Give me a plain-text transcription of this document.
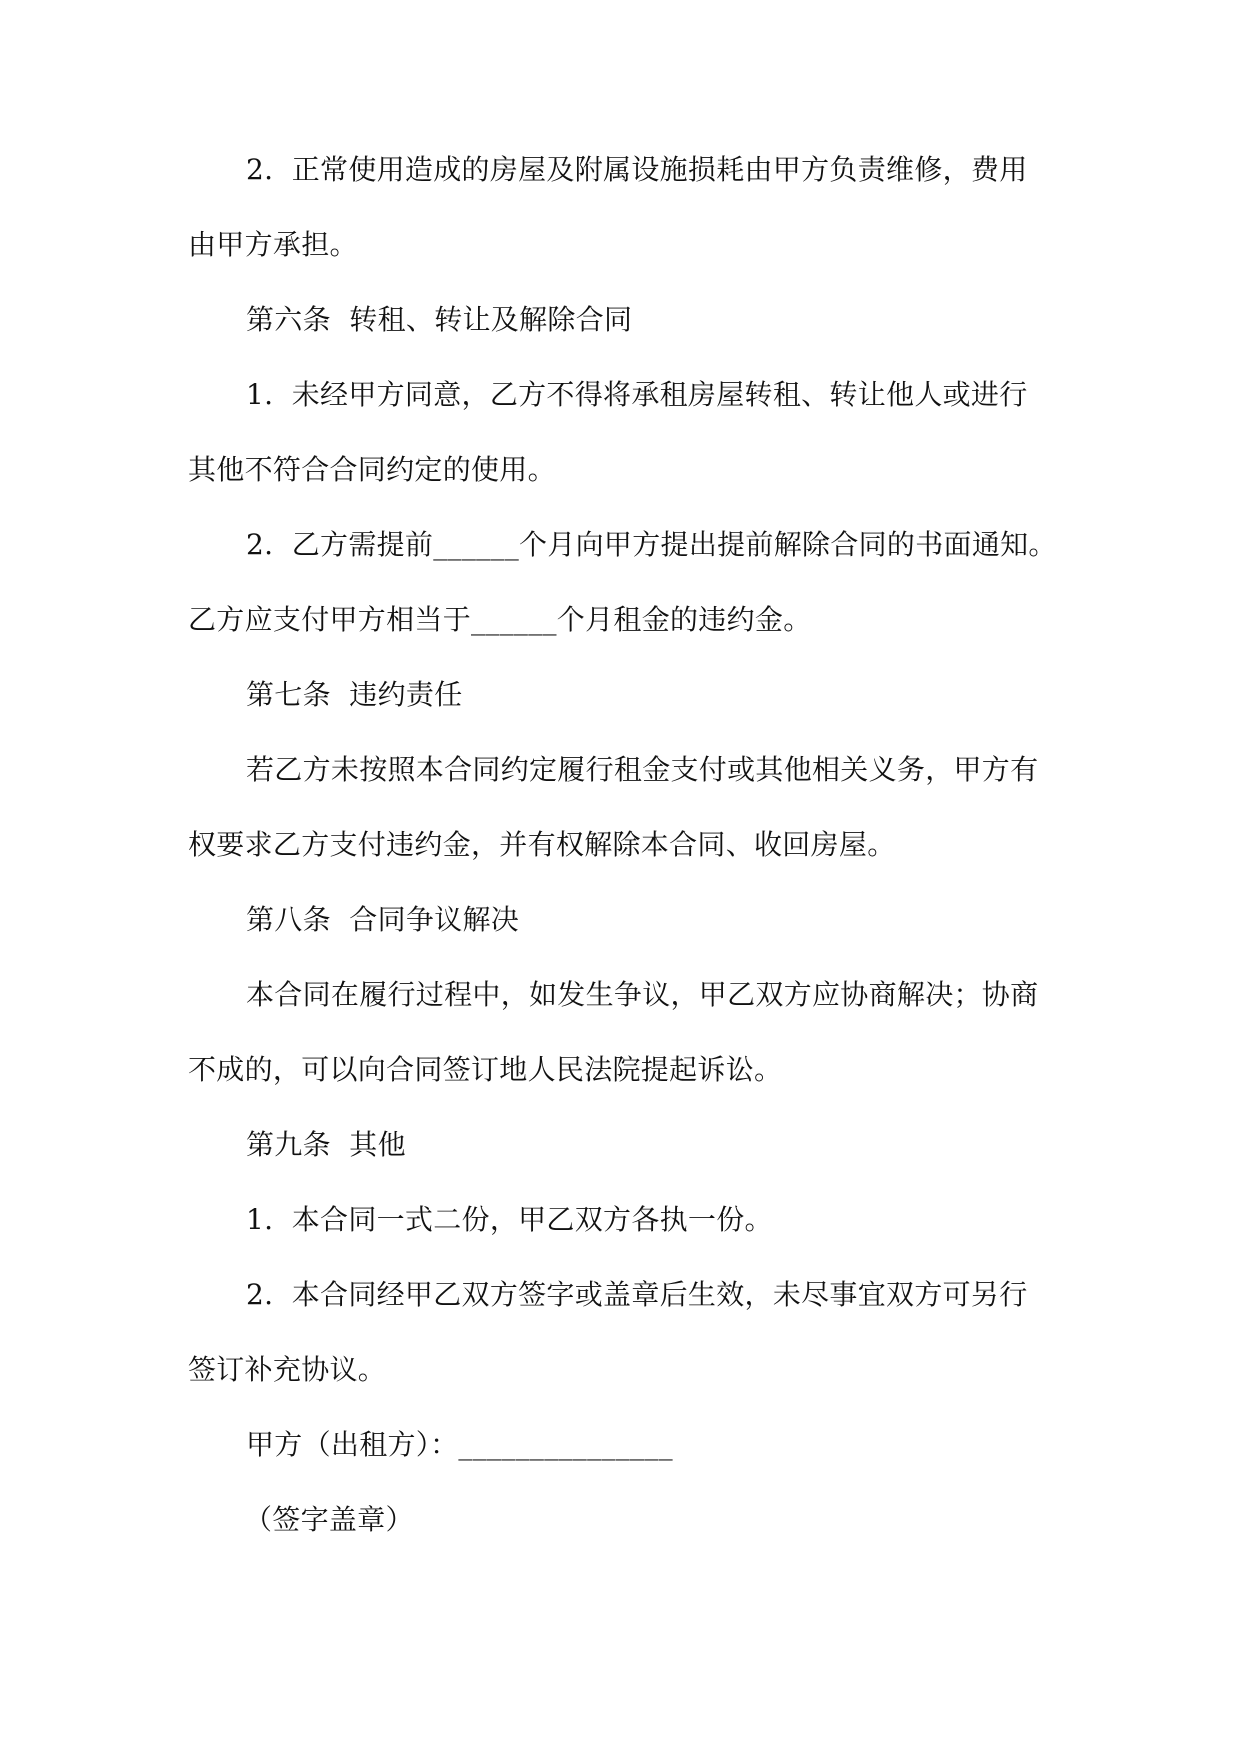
2.  正常使用造成的房屋及附属设施损耗由甲方负责维修，费用
由甲方承担。
第六条  转租、转让及解除合同
1.  未经甲方同意，乙方不得将承租房屋转租、转让他人或进行
其他不符合合同约定的使用。
2.  乙方需提前______个月向甲方提出提前解除合同的书面通知。
乙方应支付甲方相当于______个月租金的违约金。
第七条  违约责任
若乙方未按照本合同约定履行租金支付或其他相关义务，甲方有
权要求乙方支付违约金，并有权解除本合同、收回房屋。
第八条  合同争议解决
本合同在履行过程中，如发生争议，甲乙双方应协商解决；协商
不成的，可以向合同签订地人民法院提起诉讼。
第九条  其他
1.  本合同一式二份，甲乙双方各执一份。
2.  本合同经甲乙双方签字或盖章后生效，未尽事宜双方可另行
签订补充协议。
甲方（出租方）：_______________
（签字盖章）
